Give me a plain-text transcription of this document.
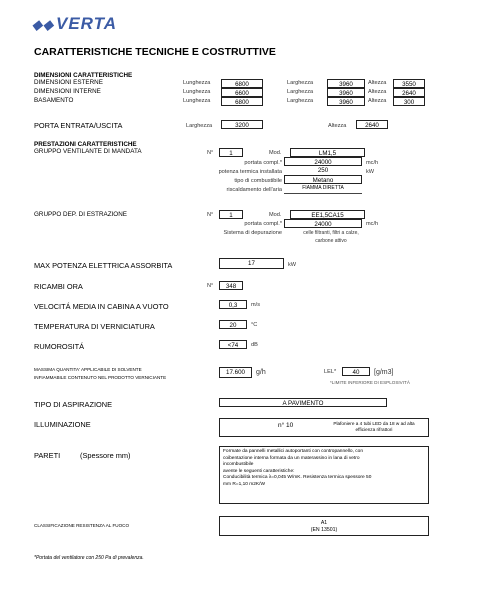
◆◆ VERTA
CARATTERISTICHE TECNICHE E COSTRUTTIVE
DIMENSIONI CARATTERISTICHE
DIMENSIONI ESTERNE	Lunghezza	6800	Larghezza	3960	Altezza	3550
DIMENSIONI INTERNE	Lunghezza	6600	Larghezza	3960	Altezza	2640
BASAMENTO	Lunghezza	6800	Larghezza	3960	Altezza	300
PORTA ENTRATA/USCITA	Larghezza	3200	Altezza	2640
PRESTAZIONI CARATTERISTICHE
GRUPPO VENTILANTE DI MANDATA	N°	1	Mod.	LM1,5
portata compl.*	24000	mc/h
potenza termica installata	250	kW
tipo di combustibile	Metano
riscaldamento dell'aria	FIAMMA DIRETTA
GRUPPO DEP. DI ESTRAZIONE	N°	1	Mod.	EE1,5CA15
portata compl.*	24000	mc/h
Sistema di depurazione	celle filtranti, filtri a calze,
carbone attivo
MAX POTENZA ELETTRICA ASSORBITA	17	kW
RICAMBI ORA	N°	348
VELOCITÁ MEDIA IN CABINA A VUOTO	0,3	m/s
TEMPERATURA DI VERNICIATURA	20	°C
RUMOROSITÁ	<74	dB
MASSIMA QUANTITA' APPLICABILE DI SOLVENTE
INFIAMMABILE CONTENUTO NEL PRODOTTO VERNICIANTE
17.600	g/h	LEL*	40	[g/m3]
*LIMITE INFERIORE DI ESPLOSIVITÁ
TIPO DI ASPIRAZIONE	A PAVIMENTO
ILLUMINAZIONE	n° 10	Plafoniere a 4 tubi LED da 18 w ad alta
efficienza rifrattori
PARETI	(Spessore mm)	Formate da pannelli metallici autoportanti con contropannello, con
coibentazione interna formata da un materassino in lana di vetro
incombustibile
avente le seguenti caratteristiche:
Conducibilità termica λ=0,045 W/mK. Resistenza termica spessore 50
mm R=1,10 m2K/W
CLASSIFICAZIONE RESISTENZA AL FUOCO	A1
(EN 13501)
*Portata del ventilatore con 250 Pa di prevalenza.
